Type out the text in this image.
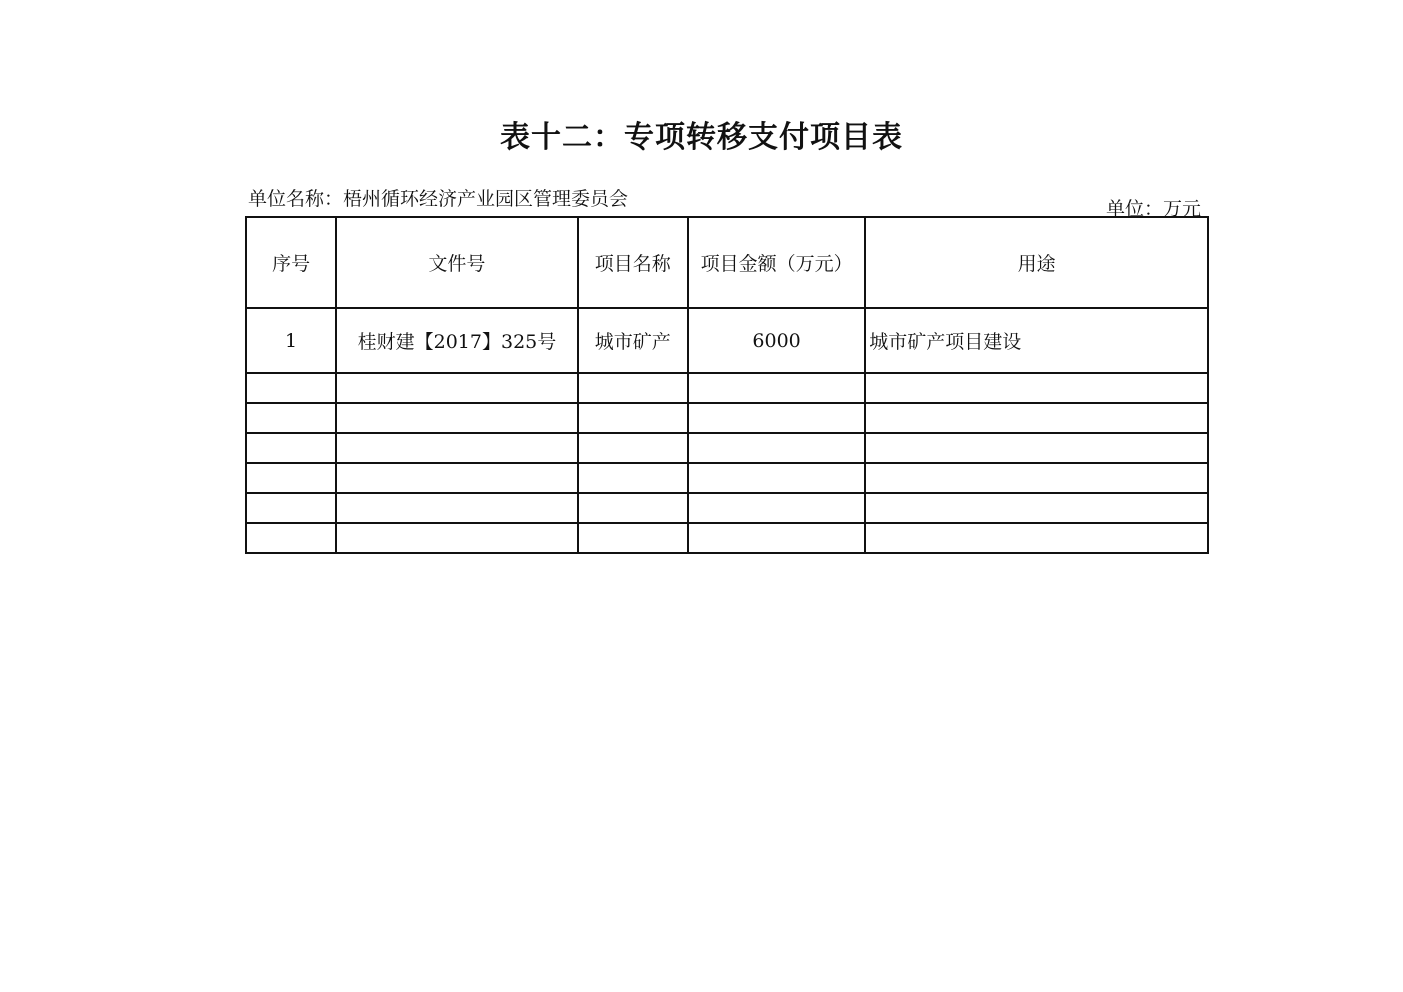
表十二：专项转移支付项目表
单位名称：梧州循环经济产业园区管理委员会	单位：万元
序号	文件号	项目名称	项目金额（万元）	用途
1	桂财建【2017】325号	城市矿产	6000	城市矿产项目建设
